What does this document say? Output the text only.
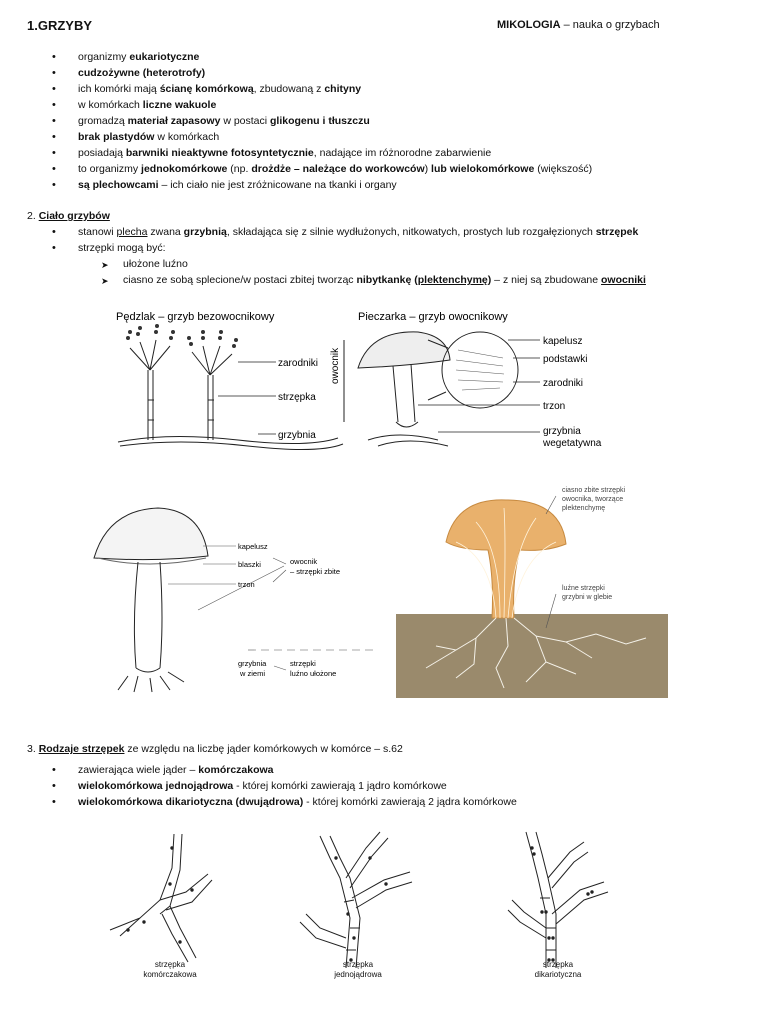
1.GRZYBY	MIKOLOGIA – nauka o grzybach
• organizmy eukariotyczne
• cudzożywne (heterotrofy)
• ich komórki mają ścianę komórkową, zbudowaną z chityny
• w komórkach liczne wakuole
• gromadzą materiał zapasowy w postaci glikogenu i tłuszczu
• brak plastydów w komórkach
• posiadają barwniki nieaktywne fotosyntetycznie, nadające im różnorodne zabarwienie
• to organizmy jednokomórkowe (np. drożdże – należące do workowców) lub wielokomórkowe (większość)
• są plechowcami – ich ciało nie jest zróżnicowane na tkanki i organy
2. Ciało grzybów
• stanowi plecha zwana grzybnią, składająca się z silnie wydłużonych, nitkowatych, prostych lub rozgałęzionych strzępek
• strzępki mogą być:
➤ ułożone luźno
➤ ciasno ze sobą splecione/w postaci zbitej tworząc nibytkankę (plektenchymę) – z niej są zbudowane owocniki
Pędzlak – grzyb bezowocnikowy	Pieczarka – grzyb owocnikowy
zarodniki
strzępka
grzybnia
owocnik
kapelusz
podstawki
zarodniki
trzon
grzybnia
wegetatywna
kapelusz
blaszki
trzon
owocnik
– strzępki zbite
grzybnia
w ziemi
strzępki
luźno ułożone
ciasno zbite strzępki
owocnika, tworzące
plektenchymę
luźne strzępki
grzybni w glebie
3. Rodzaje strzępek ze względu na liczbę jąder komórkowych w komórce – s.62
• zawierająca wiele jąder – komórczakowa
• wielokomórkowa jednojądrowa - której komórki zawierają 1 jądro komórkowe
• wielokomórkowa dikariotyczna (dwujądrowa) - której komórki zawierają 2 jądra komórkowe
strzępka
komórczakowa
strzępka
jednojądrowa
strzępka
dikariotyczna
